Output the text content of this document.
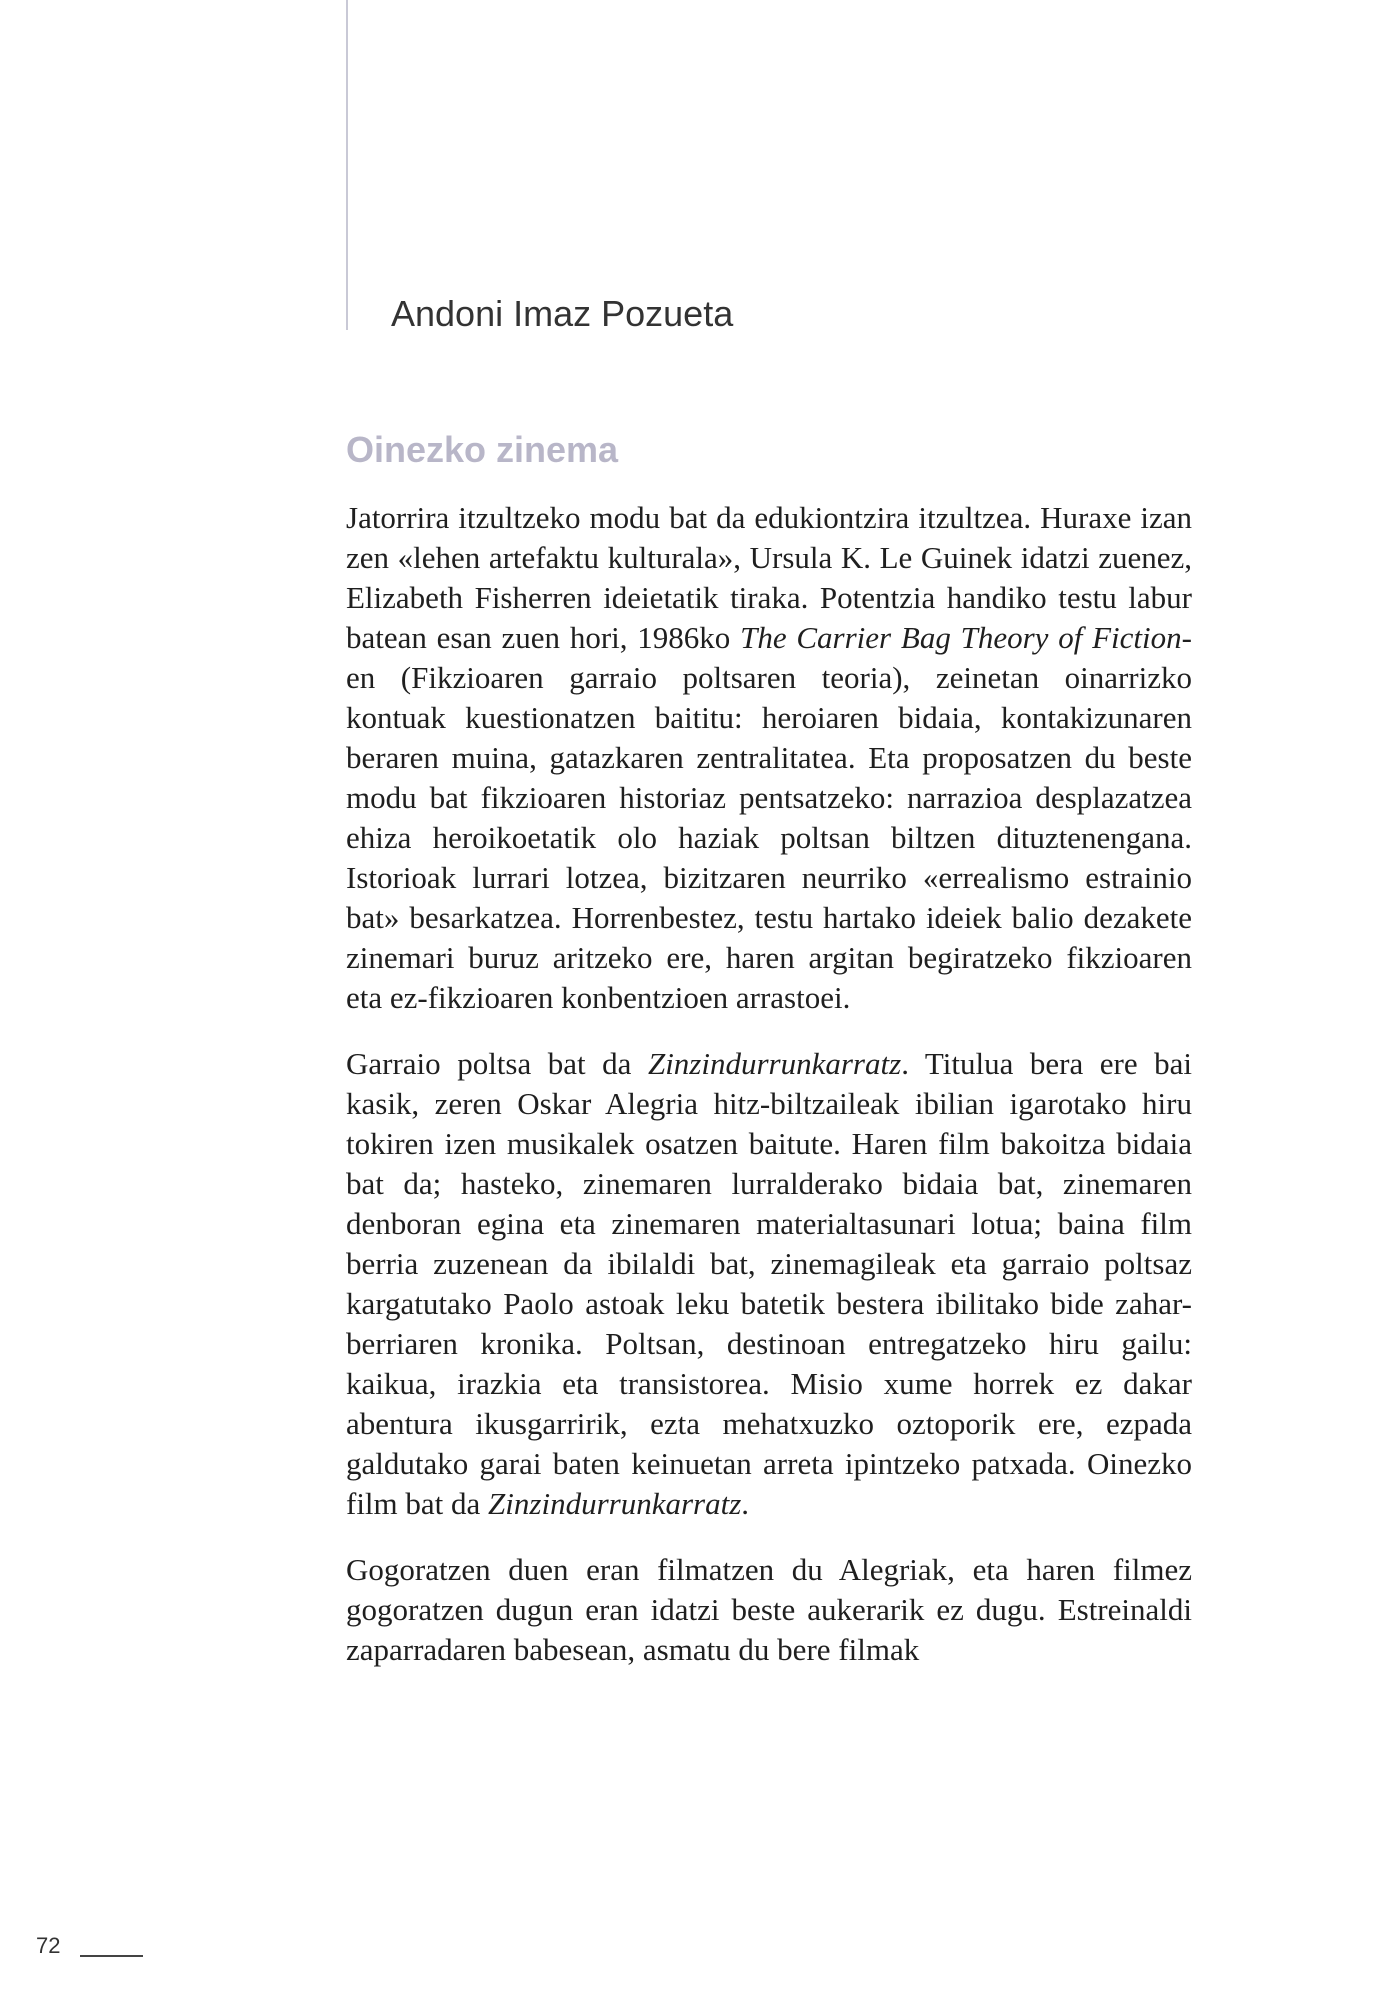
Andoni Imaz Pozueta
Oinezko zinema

Jatorrira itzultzeko modu bat da edukiontzira itzultzea. Huraxe izan zen «lehen artefaktu kulturala», Ursula K. Le Guinek idatzi zuenez, Elizabeth Fisherren ideietatik tiraka. Potentzia handiko testu labur batean esan zuen hori, 1986ko The Carrier Bag Theory of Fiction-en (Fikzioaren garraio poltsaren teoria), zeinetan oinarrizko kontuak kuestionatzen baititu: heroiaren bidaia, kontakizunaren beraren muina, gatazkaren zentralitatea. Eta proposatzen du beste modu bat fikzioaren historiaz pentsatzeko: narrazioa desplazatzea ehiza heroikoetatik olo haziak poltsan biltzen dituztenengana. Istorioak lurrari lotzea, bizitzaren neurriko «errealismo estrainio bat» besarkatzea. Horrenbestez, testu hartako ideiek balio dezakete zinemari buruz aritzeko ere, haren argitan begiratzeko fikzioaren eta ez-fikzioaren konbentzioen arrastoei.

Garraio poltsa bat da Zinzindurrunkarratz. Titulua bera ere bai kasik, zeren Oskar Alegria hitz-biltzaileak ibilian igarotako hiru tokiren izen musikalek osatzen baitute. Haren film bakoitza bidaia bat da; hasteko, zinemaren lurralderako bidaia bat, zinemaren denboran egina eta zinemaren materialtasunari lotua; baina film berria zuzenean da ibilaldi bat, zinemagileak eta garraio poltsaz kargatutako Paolo astoak leku batetik bestera ibilitako bide zahar-berriaren kronika. Poltsan, destinoan entregatzeko hiru gailu: kaikua, irazkia eta transistorea. Misio xume horrek ez dakar abentura ikusgarririk, ezta mehatxuzko oztoporik ere, ezpada galdutako garai baten keinuetan arreta ipintzeko patxada. Oinezko film bat da Zinzindurrunkarratz.

Gogoratzen duen eran filmatzen du Alegriak, eta haren filmez gogoratzen dugun eran idatzi beste aukerarik ez dugu. Estreinaldi zaparradaren babesean, asmatu du bere filmak

72
